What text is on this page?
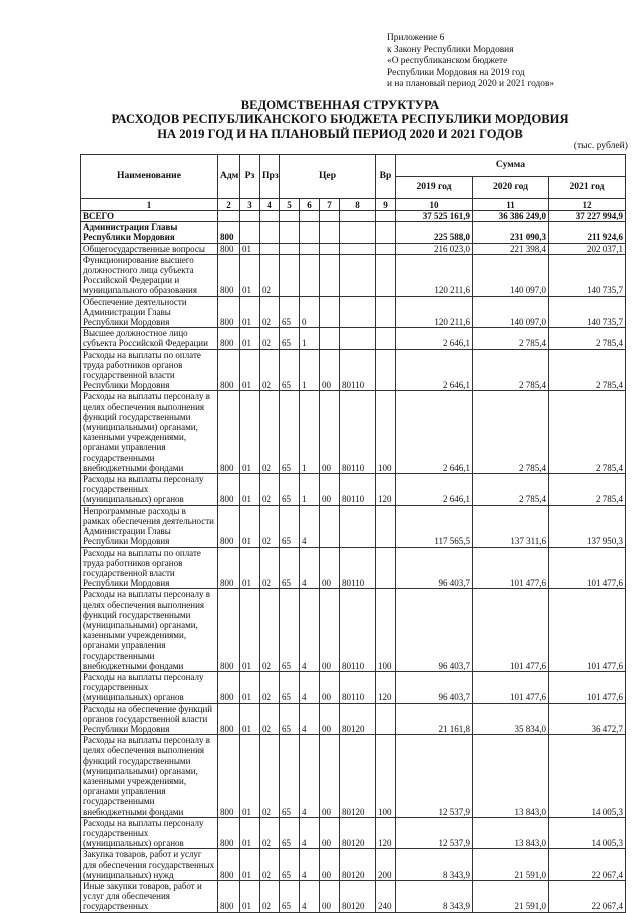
Приложение 6
к Закону Республики Мордовия
«О республиканском бюджете
Республики Мордовия на 2019 год
и на плановый период 2020 и 2021 годов»
ВЕДОМСТВЕННАЯ СТРУКТУРА
РАСХОДОВ РЕСПУБЛИКАНСКОГО БЮДЖЕТА РЕСПУБЛИКИ МОРДОВИЯ
НА 2019 ГОД И НА ПЛАНОВЫЙ ПЕРИОД 2020 И 2021 ГОДОВ
(тыс. рублей)
Наименование	Адм	Рз	Прз	Цер				Вр	Сумма		
									2019 год	2020 год	2021 год
1	2	3	4	5	6	7	8	9	10	11	12
ВСЕГО									37 525 161,9	36 386 249,0	37 227 994,9
Администрация Главы Республики Мордовия	800								225 588,0	231 090,3	211 924,6
Общегосударственные вопросы	800	01							216 023,0	221 398,4	202 037,1
Функционирование высшего должностного лица субъекта Российской Федерации и муниципального образования	800	01	02						120 211,6	140 097,0	140 735,7
Обеспечение деятельности Администрации Главы Республики Мордовия	800	01	02	65	0				120 211,6	140 097,0	140 735,7
Высшее должностное лицо субъекта Российской Федерации	800	01	02	65	1				2 646,1	2 785,4	2 785,4
Расходы на выплаты по оплате труда работников органов государственной власти Республики Мордовия	800	01	02	65	1	00	80110		2 646,1	2 785,4	2 785,4
Расходы на выплаты персоналу в целях обеспечения выполнения функций государственными (муниципальными) органами, казенными учреждениями, органами управления государственными внебюджетными фондами	800	01	02	65	1	00	80110	100	2 646,1	2 785,4	2 785,4
Расходы на выплаты персоналу государственных (муниципальных) органов	800	01	02	65	1	00	80110	120	2 646,1	2 785,4	2 785,4
Непрограммные расходы в рамках обеспечения деятельности Администрации Главы Республики Мордовия	800	01	02	65	4				117 565,5	137 311,6	137 950,3
Расходы на выплаты по оплате труда работников органов государственной власти Республики Мордовия	800	01	02	65	4	00	80110		96 403,7	101 477,6	101 477,6
Расходы на выплаты персоналу в целях обеспечения выполнения функций государственными (муниципальными) органами, казенными учреждениями, органами управления государственными внебюджетными фондами	800	01	02	65	4	00	80110	100	96 403,7	101 477,6	101 477,6
Расходы на выплаты персоналу государственных (муниципальных) органов	800	01	02	65	4	00	80110	120	96 403,7	101 477,6	101 477,6
Расходы на обеспечение функций органов государственной власти Республики Мордовия	800	01	02	65	4	00	80120		21 161,8	35 834,0	36 472,7
Расходы на выплаты персоналу в целях обеспечения выполнения функций государственными (муниципальными) органами, казенными учреждениями, органами управления государственными внебюджетными фондами	800	01	02	65	4	00	80120	100	12 537,9	13 843,0	14 005,3
Расходы на выплаты персоналу государственных (муниципальных) органов	800	01	02	65	4	00	80120	120	12 537,9	13 843,0	14 005,3
Закупка товаров, работ и услуг для обеспечения государственных (муниципальных) нужд	800	01	02	65	4	00	80120	200	8 343,9	21 591,0	22 067,4
Иные закупки товаров, работ и услуг для обеспечения государственных	800	01	02	65	4	00	80120	240	8 343,9	21 591,0	22 067,4
